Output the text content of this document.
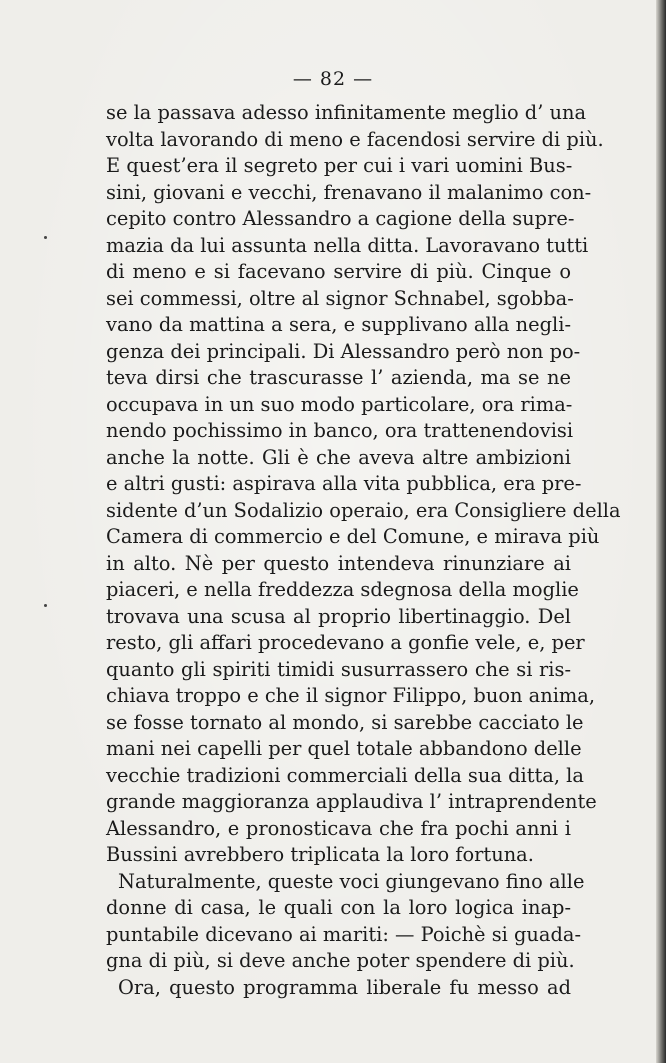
— 82 —
se la passava adesso infinitamente meglio d’ una
volta lavorando di meno e facendosi servire di più.
E quest’era il segreto per cui i vari uomini Bus-
sini, giovani e vecchi, frenavano il malanimo con-
cepito contro Alessandro a cagione della supre-
mazia da lui assunta nella ditta. Lavoravano tutti
di meno e si facevano servire di più. Cinque o
sei commessi, oltre al signor Schnabel, sgobba-
vano da mattina a sera, e supplivano alla negli-
genza dei principali. Di Alessandro però non po-
teva dirsi che trascurasse l’ azienda, ma se ne
occupava in un suo modo particolare, ora rima-
nendo pochissimo in banco, ora trattenendovisi
anche la notte. Gli è che aveva altre ambizioni
e altri gusti: aspirava alla vita pubblica, era pre-
sidente d’un Sodalizio operaio, era Consigliere della
Camera di commercio e del Comune, e mirava più
in alto. Nè per questo intendeva rinunziare ai
piaceri, e nella freddezza sdegnosa della moglie
trovava una scusa al proprio libertinaggio. Del
resto, gli affari procedevano a gonfie vele, e, per
quanto gli spiriti timidi susurrassero che si ris-
chiava troppo e che il signor Filippo, buon anima,
se fosse tornato al mondo, si sarebbe cacciato le
mani nei capelli per quel totale abbandono delle
vecchie tradizioni commerciali della sua ditta, la
grande maggioranza applaudiva l’ intraprendente
Alessandro, e pronosticava che fra pochi anni i
Bussini avrebbero triplicata la loro fortuna.
Naturalmente, queste voci giungevano fino alle
donne di casa, le quali con la loro logica inap-
puntabile dicevano ai mariti: — Poichè si guada-
gna di più, si deve anche poter spendere di più.
Ora, questo programma liberale fu messo ad
